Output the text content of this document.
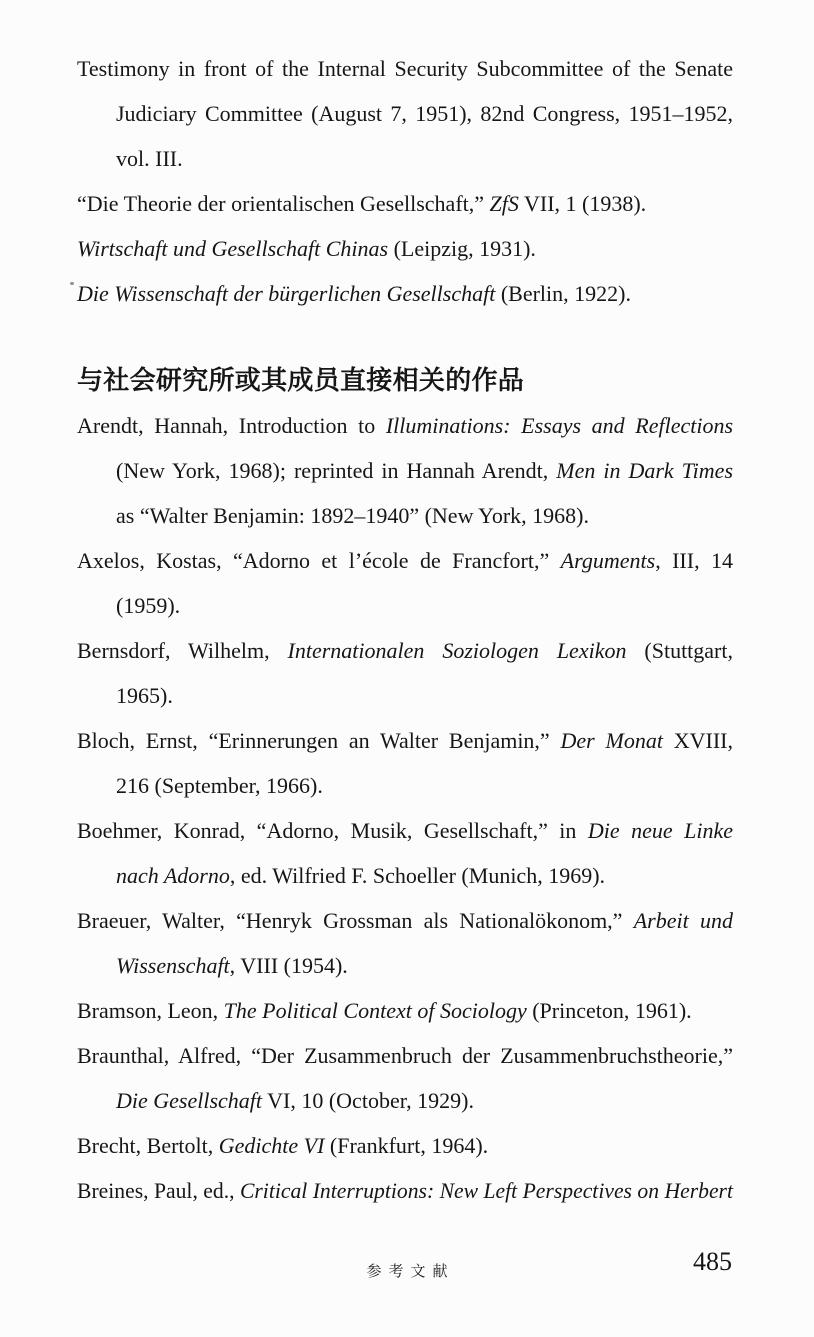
Testimony in front of the Internal Security Subcommittee of the Senate
Judiciary Committee (August 7, 1951), 82nd Congress, 1951–1952,
vol. III.
“Die Theorie der orientalischen Gesellschaft,” ZfS VII, 1 (1938).
Wirtschaft und Gesellschaft Chinas (Leipzig, 1931).
Die Wissenschaft der bürgerlichen Gesellschaft (Berlin, 1922).
与社会研究所或其成员直接相关的作品
Arendt, Hannah, Introduction to Illuminations: Essays and Reflections
(New York, 1968); reprinted in Hannah Arendt, Men in Dark Times
as “Walter Benjamin: 1892–1940” (New York, 1968).
Axelos, Kostas, “Adorno et l’école de Francfort,” Arguments, III, 14
(1959).
Bernsdorf, Wilhelm, Internationalen Soziologen Lexikon (Stuttgart,
1965).
Bloch, Ernst, “Erinnerungen an Walter Benjamin,” Der Monat XVIII,
216 (September, 1966).
Boehmer, Konrad, “Adorno, Musik, Gesellschaft,” in Die neue Linke
nach Adorno, ed. Wilfried F. Schoeller (Munich, 1969).
Braeuer, Walter, “Henryk Grossman als Nationalökonom,” Arbeit und
Wissenschaft, VIII (1954).
Bramson, Leon, The Political Context of Sociology (Princeton, 1961).
Braunthal, Alfred, “Der Zusammenbruch der Zusammenbruchstheorie,”
Die Gesellschaft VI, 10 (October, 1929).
Brecht, Bertolt, Gedichte VI (Frankfurt, 1964).
Breines, Paul, ed., Critical Interruptions: New Left Perspectives on Herbert
参考文献	485
